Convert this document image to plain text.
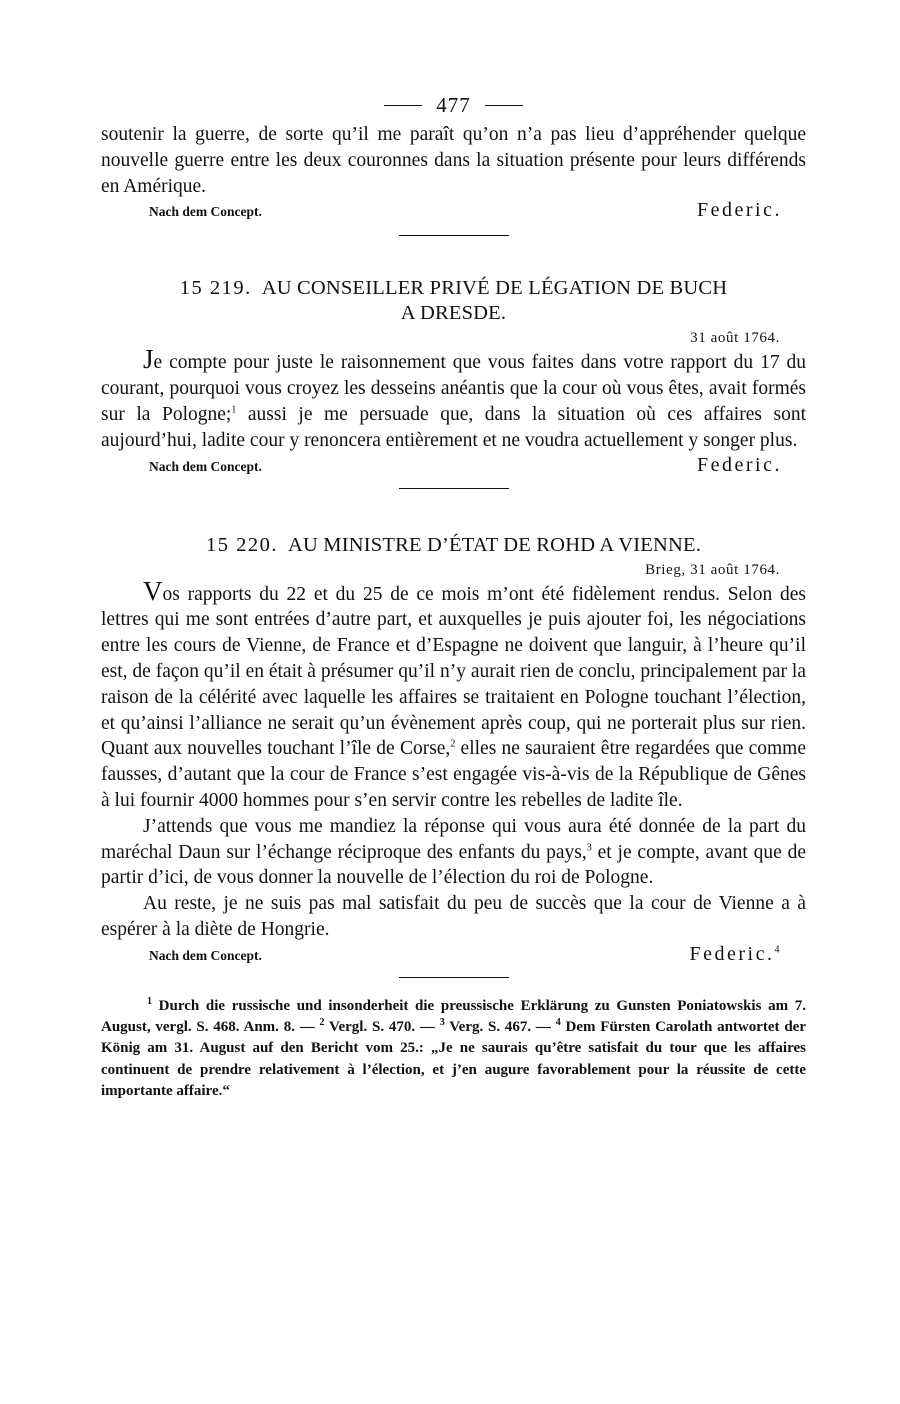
477

soutenir la guerre, de sorte qu’il me paraît qu’on n’a pas lieu d’appréhender quelque nouvelle guerre entre les deux couronnes dans la situation présente pour leurs différends en Amérique.

Nach dem Concept.	Federic.
15 219. AU CONSEILLER PRIVÉ DE LÉGATION DE BUCH
A DRESDE.
31 août 1764.

Je compte pour juste le raisonnement que vous faites dans votre rapport du 17 du courant, pourquoi vous croyez les desseins anéantis que la cour où vous êtes, avait formés sur la Pologne;$^1$ aussi je me persuade que, dans la situation où ces affaires sont aujourd’hui, ladite cour y renoncera entièrement et ne voudra actuellement y songer plus.

Nach dem Concept.	Federic.
15 220. AU MINISTRE D’ÉTAT DE ROHD A VIENNE.
Brieg, 31 août 1764.

Vos rapports du 22 et du 25 de ce mois m’ont été fidèlement rendus. Selon des lettres qui me sont entrées d’autre part, et auxquelles je puis ajouter foi, les négociations entre les cours de Vienne, de France et d’Espagne ne doivent que languir, à l’heure qu’il est, de façon qu’il en était à présumer qu’il n’y aurait rien de conclu, principalement par la raison de la célérité avec laquelle les affaires se traitaient en Pologne touchant l’élection, et qu’ainsi l’alliance ne serait qu’un évènement après coup, qui ne porterait plus sur rien. Quant aux nouvelles touchant l’île de Corse,$^2$ elles ne sauraient être regardées que comme fausses, d’autant que la cour de France s’est engagée vis-à-vis de la République de Gênes à lui fournir 4000 hommes pour s’en servir contre les rebelles de ladite île.

J’attends que vous me mandiez la réponse qui vous aura été donnée de la part du maréchal Daun sur l’échange réciproque des enfants du pays,$^3$ et je compte, avant que de partir d’ici, de vous donner la nouvelle de l’élection du roi de Pologne.

Au reste, je ne suis pas mal satisfait du peu de succès que la cour de Vienne a à espérer à la diète de Hongrie.

Nach dem Concept.	Federic.$^4$

$^1$ Durch die russische und insonderheit die preussische Erklärung zu Gunsten Poniatowskis am 7. August, vergl. S. 468. Anm. 8. — $^2$ Vergl. S. 470. — $^3$ Verg. S. 467. — $^4$ Dem Fürsten Carolath antwortet der König am 31. August auf den Bericht vom 25.: „Je ne saurais qu’être satisfait du tour que les affaires continuent de prendre relativement à l’élection, et j’en augure favorablement pour la réussite de cette importante affaire.“
